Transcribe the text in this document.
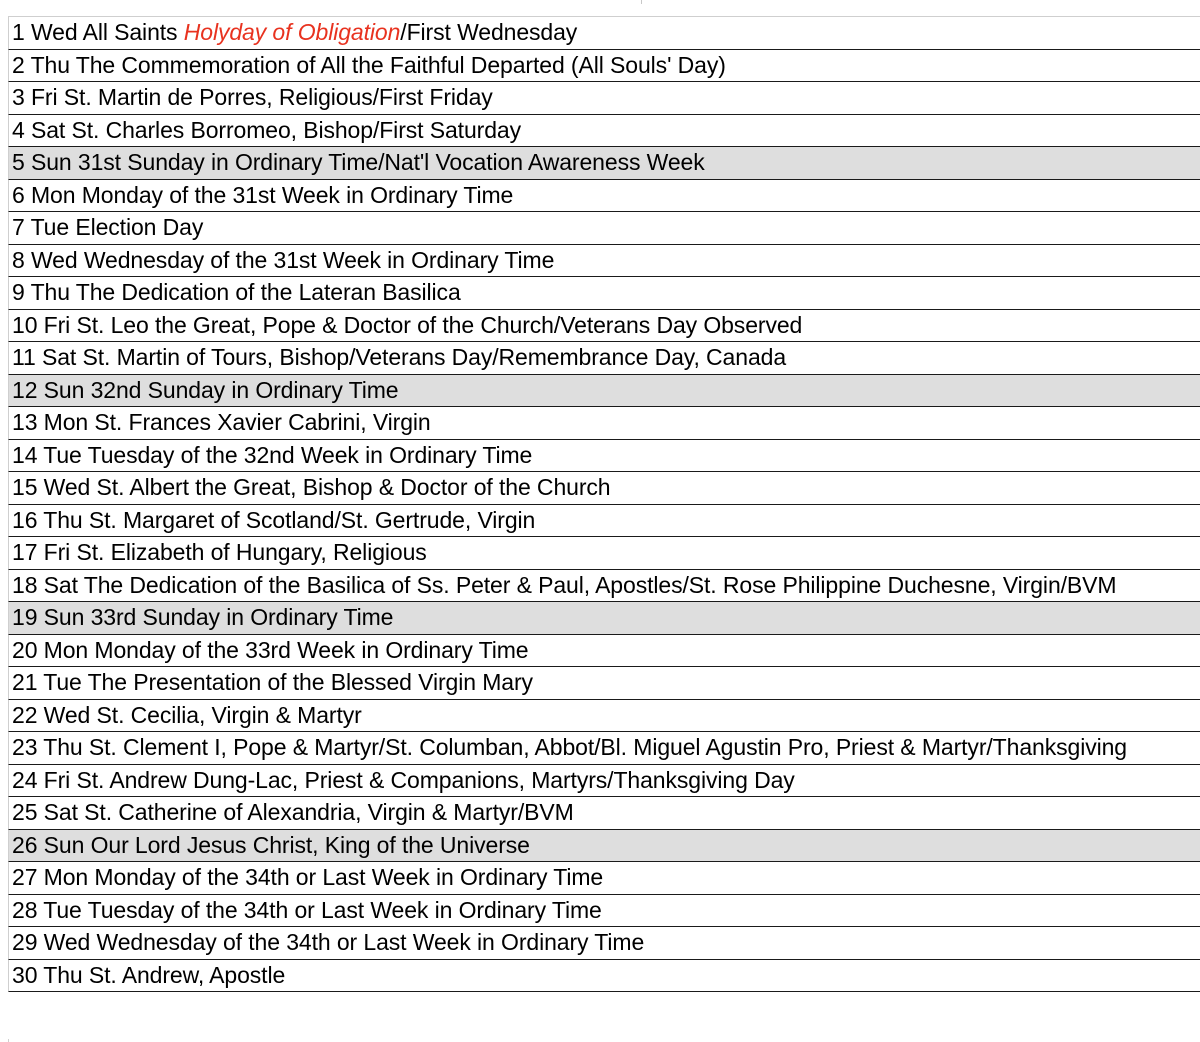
1 Wed All Saints Holyday of Obligation/First Wednesday
2 Thu The Commemoration of All the Faithful Departed (All Souls' Day)
3 Fri St. Martin de Porres, Religious/First Friday
4 Sat St. Charles Borromeo, Bishop/First Saturday
5 Sun 31st Sunday in Ordinary Time/Nat'l Vocation Awareness Week
6 Mon Monday of the 31st Week in Ordinary Time
7 Tue Election Day
8 Wed Wednesday of the 31st Week in Ordinary Time
9 Thu The Dedication of the Lateran Basilica
10 Fri St. Leo the Great, Pope & Doctor of the Church/Veterans Day Observed
11 Sat St. Martin of Tours, Bishop/Veterans Day/Remembrance Day, Canada
12 Sun 32nd Sunday in Ordinary Time
13 Mon St. Frances Xavier Cabrini, Virgin
14 Tue Tuesday of the 32nd Week in Ordinary Time
15 Wed St. Albert the Great, Bishop & Doctor of the Church
16 Thu St. Margaret of Scotland/St. Gertrude, Virgin
17 Fri St. Elizabeth of Hungary, Religious
18 Sat The Dedication of the Basilica of Ss. Peter & Paul, Apostles/St. Rose Philippine Duchesne, Virgin/BVM
19 Sun 33rd Sunday in Ordinary Time
20 Mon Monday of the 33rd Week in Ordinary Time
21 Tue The Presentation of the Blessed Virgin Mary
22 Wed St. Cecilia, Virgin & Martyr
23 Thu St. Clement I, Pope & Martyr/St. Columban, Abbot/Bl. Miguel Agustin Pro, Priest & Martyr/Thanksgiving
24 Fri St. Andrew Dung-Lac, Priest & Companions, Martyrs/Thanksgiving Day
25 Sat St. Catherine of Alexandria, Virgin & Martyr/BVM
26 Sun Our Lord Jesus Christ, King of the Universe
27 Mon Monday of the 34th or Last Week in Ordinary Time
28 Tue Tuesday of the 34th or Last Week in Ordinary Time
29 Wed Wednesday of the 34th or Last Week in Ordinary Time
30 Thu St. Andrew, Apostle
